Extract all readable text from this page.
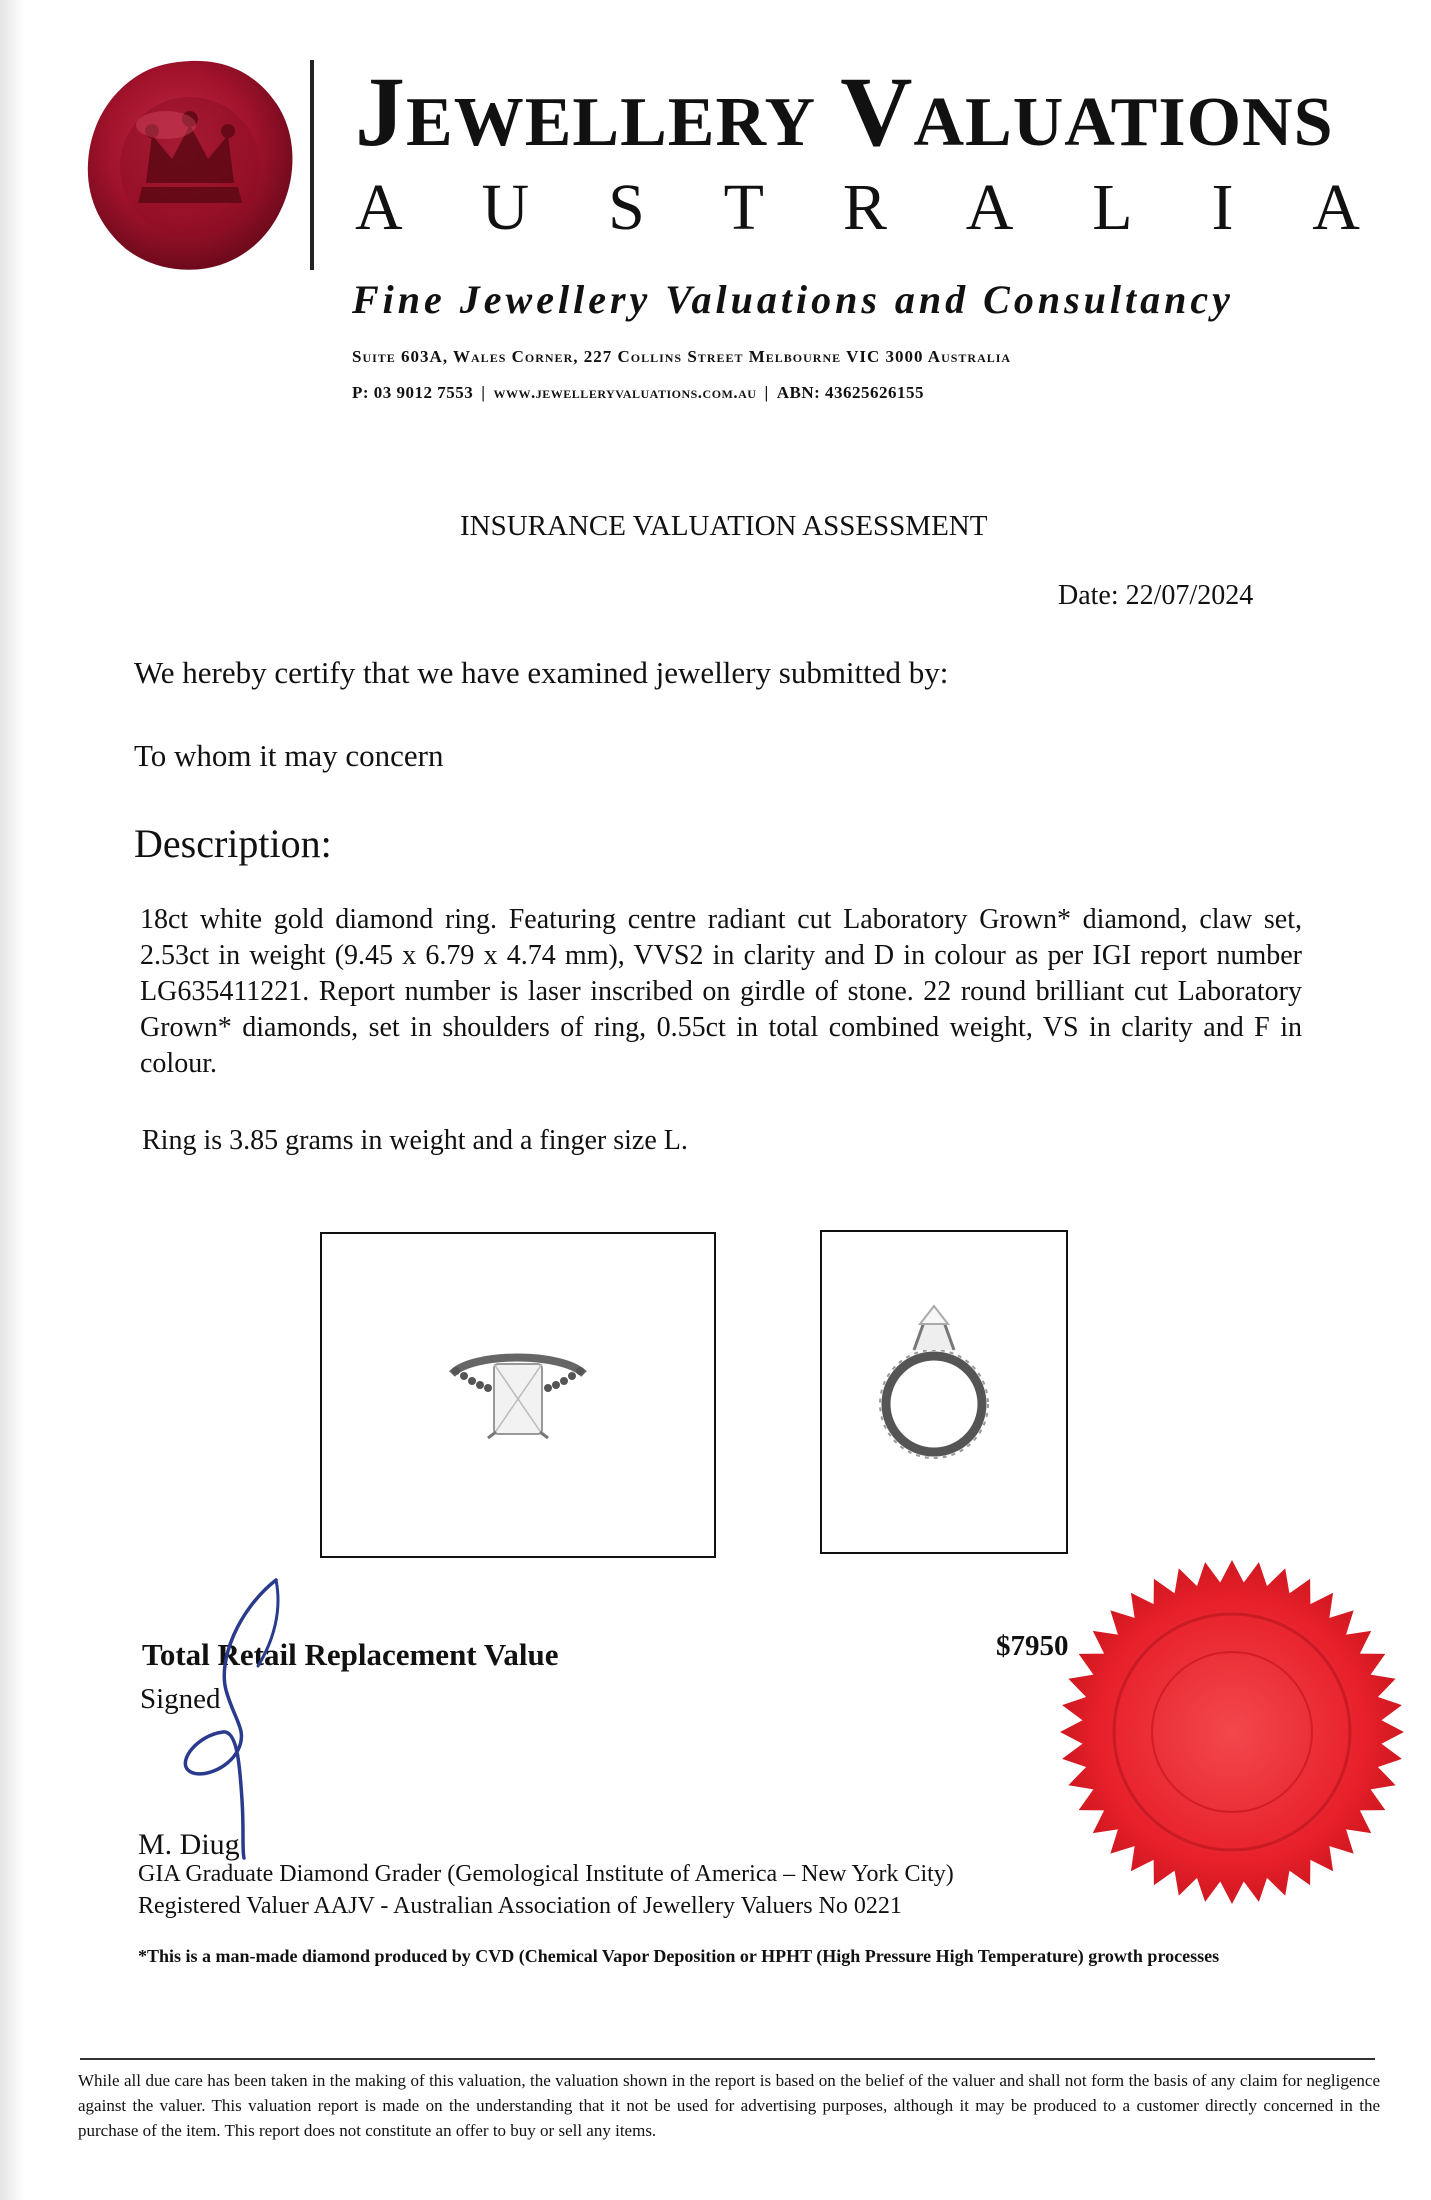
Jewellery Valuations
A U S T R A L I A
Fine Jewellery Valuations and Consultancy
Suite 603A, Wales Corner, 227 Collins Street Melbourne VIC 3000 Australia
P: 03 9012 7553 | www.jewelleryvaluations.com.au | ABN: 43625626155
INSURANCE VALUATION ASSESSMENT
Date: 22/07/2024
We hereby certify that we have examined jewellery submitted by:
To whom it may concern
Description:
18ct white gold diamond ring. Featuring centre radiant cut Laboratory Grown* diamond, claw set, 2.53ct in weight (9.45 x 6.79 x 4.74 mm), VVS2 in clarity and D in colour as per IGI report number LG635411221. Report number is laser inscribed on girdle of stone. 22 round brilliant cut Laboratory Grown* diamonds, set in shoulders of ring, 0.55ct in total combined weight, VS in clarity and F in colour.
Ring is 3.85 grams in weight and a finger size L.
Total Retail Replacement Value	$7950
Signed
M. Diug
GIA Graduate Diamond Grader (Gemological Institute of America – New York City)
Registered Valuer AAJV - Australian Association of Jewellery Valuers No 0221
*This is a man-made diamond produced by CVD (Chemical Vapor Deposition or HPHT (High Pressure High Temperature) growth processes
While all due care has been taken in the making of this valuation, the valuation shown in the report is based on the belief of the valuer and shall not form the basis of any claim for negligence against the valuer. This valuation report is made on the understanding that it not be used for advertising purposes, although it may be produced to a customer directly concerned in the purchase of the item. This report does not constitute an offer to buy or sell any items.
